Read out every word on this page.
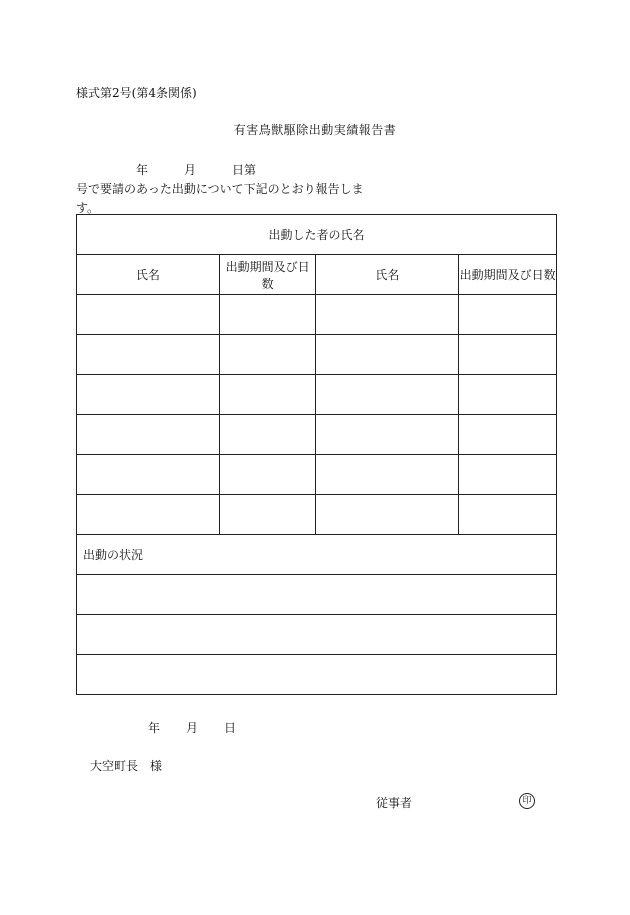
様式第2号(第4条関係)
有害鳥獣駆除出動実績報告書
年	月	日第号で要請のあった出動について下記のとおり報告しま
す。
出動した者の氏名			
氏名	出動期間及び日数	氏名	出動期間及び日数

出動の状況			

年 月 日
大空町長　様
従事者	印
